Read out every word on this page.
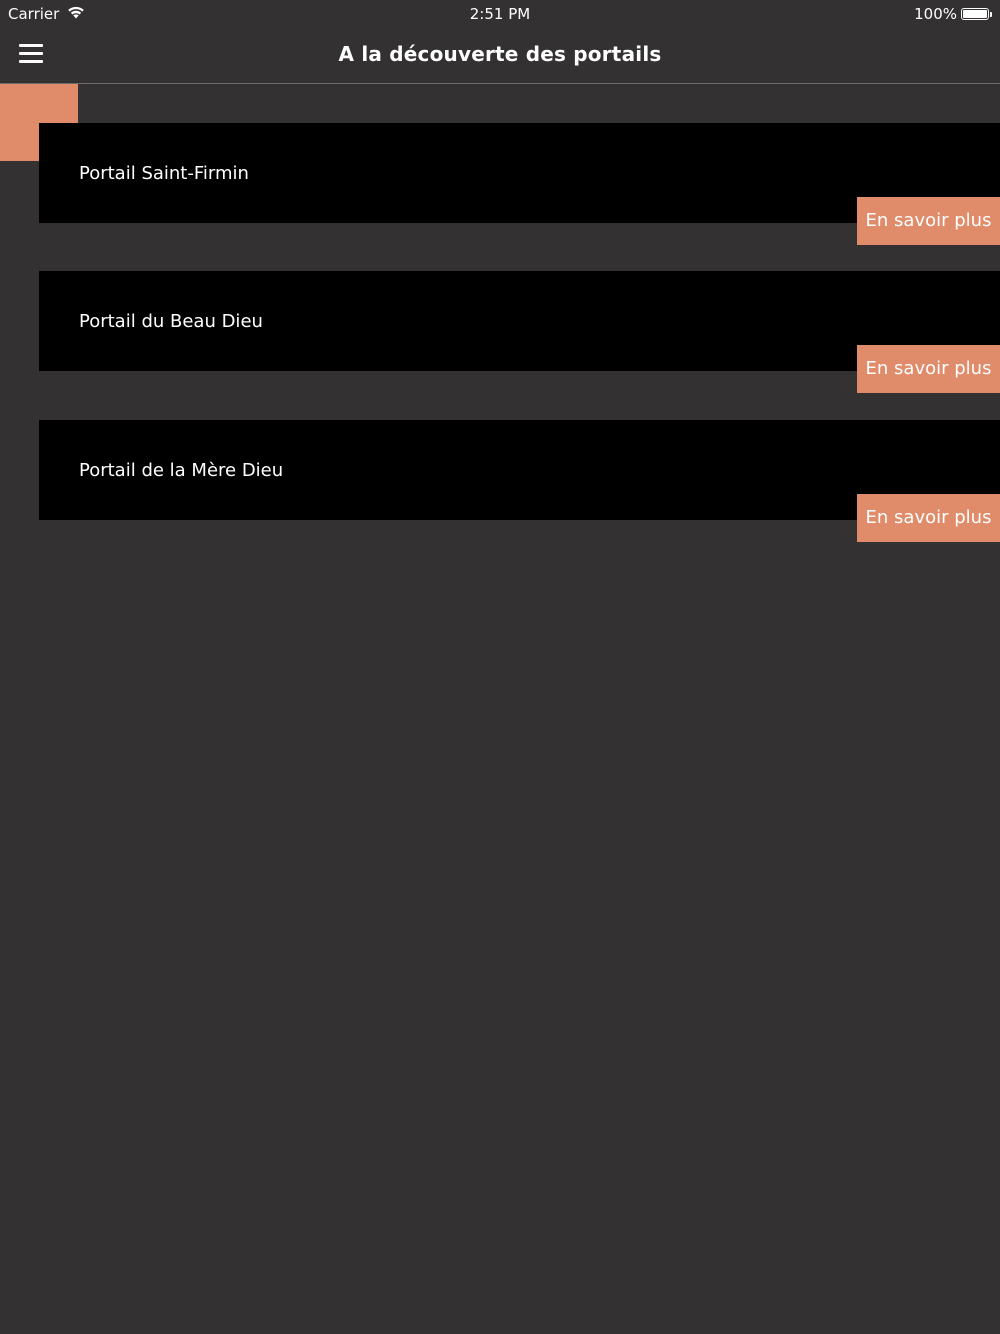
Carrier	2:51 PM	100%
A la découverte des portails
Portail Saint-Firmin
En savoir plus
Portail du Beau Dieu
En savoir plus
Portail de la Mère Dieu
En savoir plus
